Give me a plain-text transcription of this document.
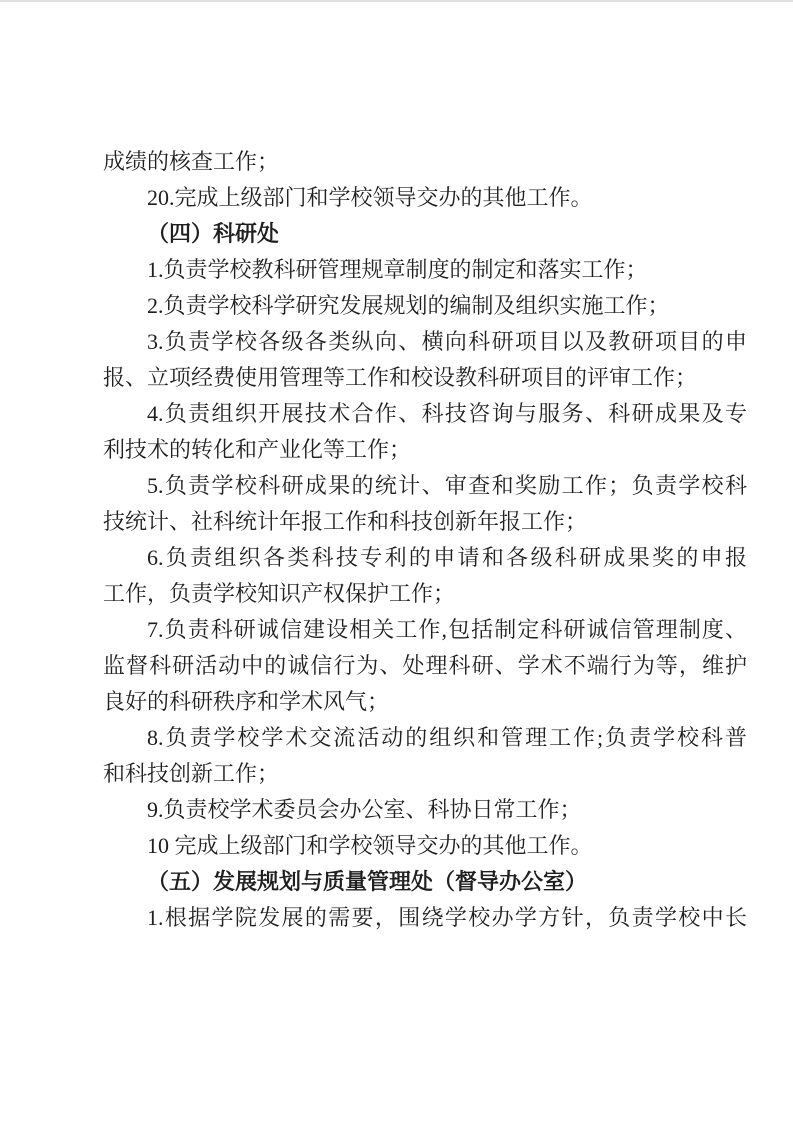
成绩的核查工作；
20.完成上级部门和学校领导交办的其他工作。
（四）科研处
1.负责学校教科研管理规章制度的制定和落实工作；
2.负责学校科学研究发展规划的编制及组织实施工作；
3.负责学校各级各类纵向、横向科研项目以及教研项目的申
报、立项经费使用管理等工作和校设教科研项目的评审工作；
4.负责组织开展技术合作、科技咨询与服务、科研成果及专
利技术的转化和产业化等工作；
5.负责学校科研成果的统计、审查和奖励工作；负责学校科
技统计、社科统计年报工作和科技创新年报工作；
6.负责组织各类科技专利的申请和各级科研成果奖的申报
工作，负责学校知识产权保护工作；
7.负责科研诚信建设相关工作,包括制定科研诚信管理制度、
监督科研活动中的诚信行为、处理科研、学术不端行为等，维护
良好的科研秩序和学术风气；
8.负责学校学术交流活动的组织和管理工作;负责学校科普
和科技创新工作；
9.负责校学术委员会办公室、科协日常工作；
10 完成上级部门和学校领导交办的其他工作。
（五）发展规划与质量管理处（督导办公室）
1.根据学院发展的需要，围绕学校办学方针，负责学校中长
